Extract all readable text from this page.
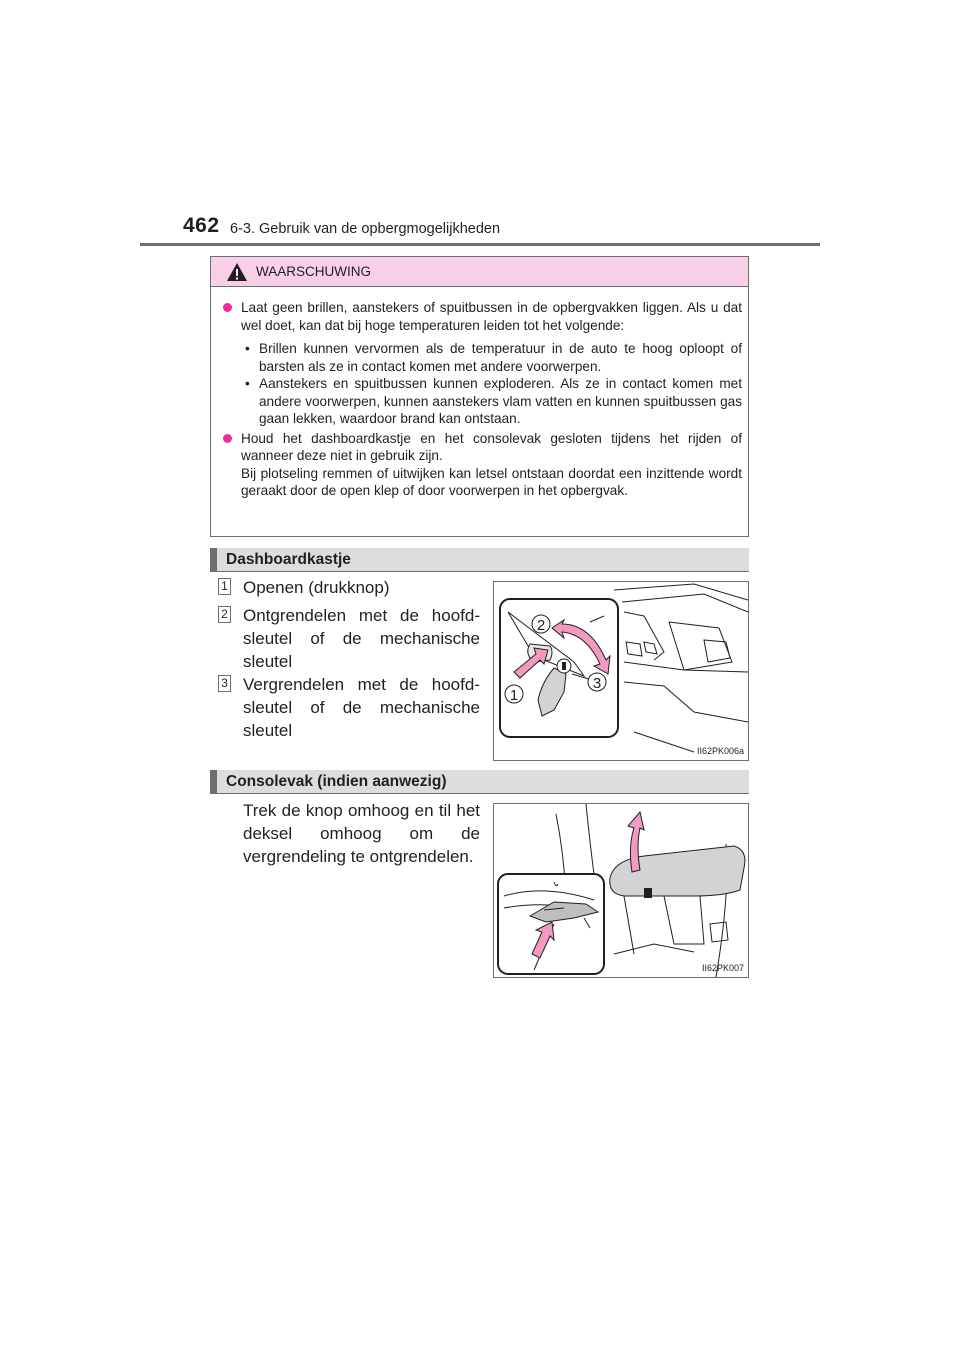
462 6-3. Gebruik van de opbergmogelijkheden
WAARSCHUWING

Laat geen brillen, aanstekers of spuitbussen in de opbergvakken liggen. Als u dat wel doet, kan dat bij hoge temperaturen leiden tot het volgende:

• Brillen kunnen vervormen als de temperatuur in de auto te hoog oploopt of barsten als ze in contact komen met andere voorwerpen.
• Aanstekers en spuitbussen kunnen exploderen. Als ze in contact komen met andere voorwerpen, kunnen aanstekers vlam vatten en kunnen spuitbussen gas gaan lekken, waardoor brand kan ontstaan.

Houd het dashboardkastje en het consolevak gesloten tijdens het rijden of wanneer deze niet in gebruik zijn.

Bij plotseling remmen of uitwijken kan letsel ontstaan doordat een inzittende wordt geraakt door de open klep of door voorwerpen in het opbergvak.

Dashboardkastje
1 Openen (drukknop)
2 Ontgrendelen met de hoofdsleutel of de mechanische sleutel
3 Vergrendelen met de hoofdsleutel of de mechanische sleutel
2
1
3
II62PK006a
Consolevak (indien aanwezig)
Trek de knop omhoog en til het deksel omhoog om de vergrendeling te ontgrendelen.
II62PK007
